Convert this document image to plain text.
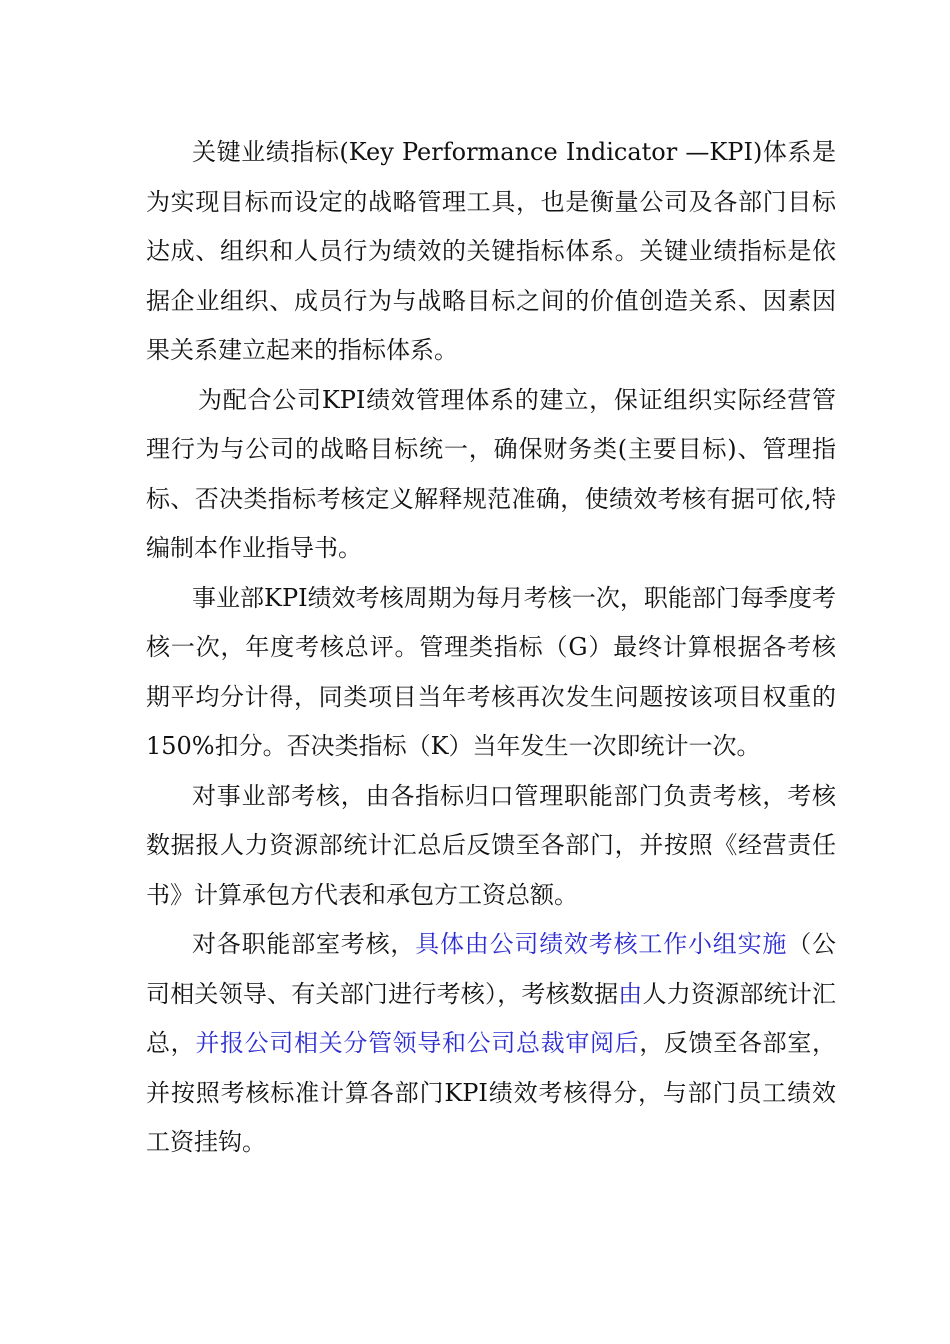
关键业绩指标(Key Performance Indicator —KPI)体系是为实现目标而设定的战略管理工具，也是衡量公司及各部门目标达成、组织和人员行为绩效的关键指标体系。关键业绩指标是依据企业组织、成员行为与战略目标之间的价值创造关系、因素因果关系建立起来的指标体系。

为配合公司KPI绩效管理体系的建立，保证组织实际经营管理行为与公司的战略目标统一，确保财务类(主要目标)、管理指标、否决类指标考核定义解释规范准确，使绩效考核有据可依,特编制本作业指导书。

事业部KPI绩效考核周期为每月考核一次，职能部门每季度考核一次，年度考核总评。管理类指标（G）最终计算根据各考核期平均分计得，同类项目当年考核再次发生问题按该项目权重的150%扣分。否决类指标（K）当年发生一次即统计一次。

对事业部考核，由各指标归口管理职能部门负责考核，考核数据报人力资源部统计汇总后反馈至各部门，并按照《经营责任书》计算承包方代表和承包方工资总额。

对各职能部室考核，具体由公司绩效考核工作小组实施（公司相关领导、有关部门进行考核），考核数据由人力资源部统计汇总，并报公司相关分管领导和公司总裁审阅后，反馈至各部室，并按照考核标准计算各部门KPI绩效考核得分，与部门员工绩效工资挂钩。
